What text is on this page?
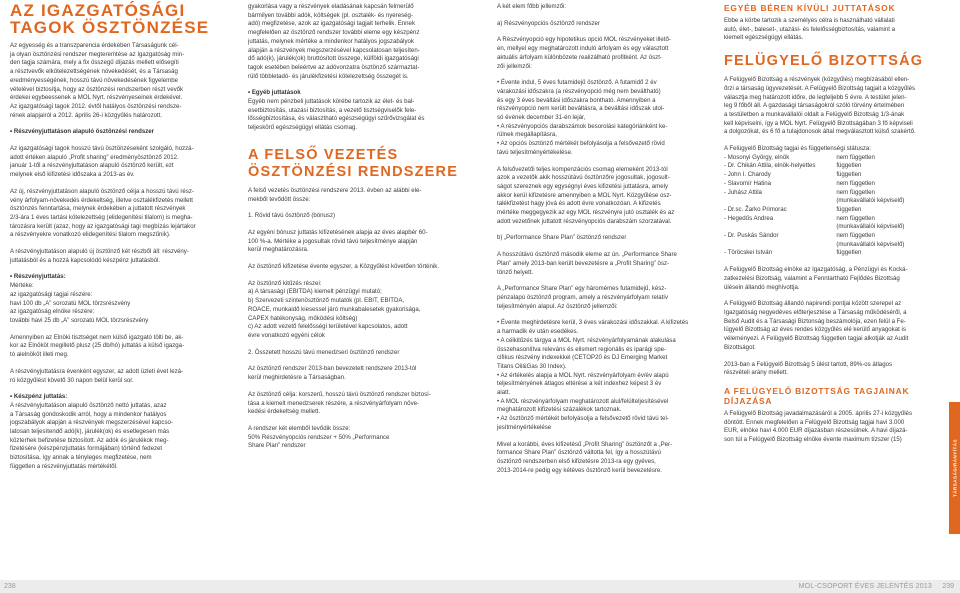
AZ IGAZGATÓSÁGI
TAGOK ÖSZTÖNZÉSE

Az egyesség és a transzparencia érdekében Társaságunk cél-
ja olyan ösztönzési rendszer megteremtése az Igazgatóság min-
den tagja számára, mely a fix összegű díjazás mellett elősegíti
a résztvevők elkötelezettségének növekedését, és a Társaság
eredményességének, hosszú távú növekedésének figyelembe
vételével biztosítja, hogy az ösztönzési rendszerben részt vevők
érdekei egybeessenek a MOL Nyrt. részvényeseinek érdekével.
Az igazgatósági tagok 2012. évtől hatályos ösztönzési rendsze-
rének alapjairól a 2012. április 26-i közgyűlés határozott.

• Részvényjuttatáson alapuló ösztönzési rendszer

Az igazgatósági tagok hosszú távú ösztönzéseként szolgáló, hozzá-
adott értéken alapuló „Profit sharing” eredményösztönző 2012.
január 1-től a részvényjuttatáson alapuló ösztönző került, ezt
melynek első kifizetési időszaka a 2013-as év.

Az új, részvényjuttatáson alapuló ösztönző célja a hosszú távú rész-
vény árfolyam-növekedés érdekeltség, illetve osztalékfizetés mellett
ösztönzés fenntartása, melynek érdekében a juttatott részvények
2/3-ára 1 éves tartási kötelezettség (elidegenítési tilalom) is megha-
tározásra került (azaz, hogy az igazgatósági tagi megbízás lejártakor
a részvényekre vonatkozó elidegenítési tilalom megszűnik).

A részvényjuttatáson alapuló új ösztönző két részből áll: részvény-
juttatásból és a hozzá kapcsolódó készpénz juttatásból.

• Részvényjuttatás:

Mértéke:
az igazgatósági tagjai részére:
havi 100 db „A” sorozatú MOL törzsrészvény
az igazgatóság elnöke részére:
további havi 25 db „A” sorozatú MOL törzsrészvény

Amennyiben az Elnöki tisztséget nem külső igazgató tölti be, ak-
kor az Elnököt megillető plusz (25 db/hó) juttatás a külső igazga-
tó alelnököt illeti meg.

A részvényjuttatásra évenként egyszer, az adott üzleti évet lezá-
ró közgyűlést követő 30 napon belül kerül sor.

• Készpénz juttatás:

A részvényjuttatáson alapuló ösztönző nettó juttatás, azaz
a Társaság gondoskodik arról, hogy a mindenkor hatályos
jogszabályok alapján a részvények megszerzésével kapcso-
latosan teljesítendő adó(k), járulék(ok) és esetlegesen más
közterhek befizetése biztosított. Az adók és járulékok meg-
fizetésére (készpénzjuttatás formájában) történő fedezet
biztosítása, így annak a tényleges megfizetése, nem
független a részvényjuttatás mértékétől.

gyakorlása vagy a részvények eladásának kapcsán felmerülő
bármilyen további adók, költségek (pl. osztalék- és nyereség-
adó) megfizetése, azok az igazgatósági tagjait terhelik. Ennek
megfelelően az ösztönző rendszer további eleme egy készpénz
juttatás, melynek mértéke a mindenkor hatályos jogszabályok
alapján a részvények megszerzésével kapcsolatosan teljesíten-
dő adó(k), járulék(ok) bruttósított összege, külföldi igazgatósági
tagok esetében beleértve az adóvonzatra ösztönző származtat-
rülő többletadó- és járulékfizetési kötelezettség összegét is.

• Egyéb juttatások

Egyéb nem pénzbeli juttatások körébe tartozik az élet- és bal-
esetbiztosítás, utazási biztosítás, a vezető tisztségviselők fele-
lősségbiztosítása, és választható egészségügyi szűrővizsgálat és
teljeskörű egészségügyi ellátás csomag.

A FELSŐ VEZETÉS
ÖSZTÖNZÉSI RENDSZERE

A felső vezetés ösztönzési rendszere 2013. évben az alábbi ele-
mekből tevődött össze:

1. Rövid távú ösztönző (bónusz)

Az egyéni bónusz juttatás kifizetésének alapja az éves alapbér 60-
100 %-a. Mértéke a jogosultak rövid távú teljesítménye alapján
kerül meghatározásra.

Az ösztönző kifizetése évente egyszer, a Közgyűlést követően történik.

Az ösztönző kitűzés részei:
a) A társasági (EBITDA) kiemelt pénzügyi mutató;
b) Szervezeti szintenösztönző mutatók (pl. EBIT, EBITDA,
ROACE, munkaidő kiesessel járó munkabalesetek gyakorisága,
CAPEX hatékonyság, működési költség)
c) Az adott vezető felelősségi területével kapcsolatos, adott
évre vonatkozó egyéni célok

2. Összetett hosszú távú menedzseri ösztönző rendszer

Az ösztönző rendszer 2013-ban bevezetett rendszere 2013-tól
kerül meghirdetésre a Társaságban.

Az ösztönző célja: korszerű, hosszú távú ösztönző rendszer biztosí-
tása a kiemelt menedzserek részére, a részvényárfolyam növe-
kedési érdekeltség mellett.

A rendszer két elemből tevődik össze:
50% Részvényopciós rendszer + 50% „Performance
Share Plan” rendszer

A két elem főbb jellemzői:

a) Részvényopciós ösztönző rendszer

A Részvényopció egy hipotetikus opció MOL részvényeket illető-
en, mellyel egy meghatározott induló árfolyam és egy választott
aktuális árfolyam különbözete realizálható profitként. Az öszt-
zői jellemzői:

• Évente indul, 5 éves futamidejű ösztönző. A futamidő 2 év
várakozási időszakra (a részvényopció még nem beváltható)
és egy 3 éves beváltási időszakra bontható. Amennyiben a
részvényopció nem került beváltásra, a beváltási időszak utol-
só évének december 31-én lejár,
• A részvényopciós darabszámok besorolási kategóriánként ke-
rülnek megállapításra,
• Az opciós ösztönző mértékét befolyásolja a felsővezető rövid
távú teljesítményértékelése.

A felsővezetői teljes kompenzációs csomag elemeként 2013-tól
azok a vezetők akik hosszútávú ösztönzőre jogosultak, jogosult-
ságot szereznek egy egységnyi éves kifizetési juttatásra, amely
akkor kerül kifizetésre amennyiben a MOL Nyrt. Közgyűlése osz-
talékfizetést hagy jóvá és adott évre vonatkozóan. A kifizetés
mértéke meggegyezik az egy MOL részvényre jutó osztalék és az
adott vezetőnek juttatott részvényopciós darabszám szorzatával.

b) „Performance Share Plan” ösztönző rendszer

A hosszútávú ösztönző második eleme az ún. „Performance Share
Plan” amely 2013-ban került bevezetésre a „Profit Sharing” ösz-
tönző helyett.

A „Performance Share Plan” egy háromémes futamidejű, kész-
pénzalapú ösztönző program, amely a részvényárfolyam relatív
teljesítményén alapul. Az ösztönző jellemzői:

• Évente meghirdetésre kerül, 3 éves várakozási időszakkal. A kifizetés
a harmadik év után esedékes.
• A célkitűzés tárgya a MOL Nyrt. részvényárfolyamának alakulása
összehasonlítva releváns és elismert regionális és iparági spe-
cifikus részvény indexekkel (CETOP20 és DJ Emerging Market
Titans Oil&Gas 30 Index).
• Az értékelés alapja a MOL Nyrt. részvényárfolyam év/év alapú
teljesítményének átlagos eltérése a két indexhez képest 3 év
alatt.
• A MOL részvényárfolyam meghatározott alul/felülteljesítésével
meghatározott kifizetési százalékok tartoznak.
• Az ösztönző mértékét befolyásolja a felsővezető rövid távú tel-
jesítményértékelése

Mivel a korábbi, éves kifizetésű „Profit Sharing” ösztönzőt a „Per-
formance Share Plan” ösztönző váltotta fel, így a hosszútávú
ösztönző rendszerben első kifizetésre 2013-ra egy gyéves,
2013-2014-re pedig egy kétéves ösztönző kerül bevezetésre.

EGYÉB BÉREN KÍVÜLI JUTTATÁSOK

Ebbe a körbe tartozik a személyes célra is használható vállalati
autó, élet-, baleset-, utazási- és felelősségbiztosítás, valamint a
kiemelt egészségügyi ellátás.

FELÜGYELŐ BIZOTTSÁG

A Felügyelő Bizottság a részvények (közgyűlés) megbízásából ellen-
őrzi a társaság ügyvezetését. A Felügyelő Bizottság tagjait a közgyűlés
választja meg határozott időre, de legfeljebb 5 évre. A testület jelen-
leg 9 főből áll. A gazdasági társaságokról szóló törvény értelmében
a testületben a munkavállalói oldalt a Felügyelő Bizottság 1/3-ának
kell képviselni, így a MOL Nyrt. Felügyelő Bizottságában 3 fő képviseli
a dolgozókat, és 6 fő a tulajdonosok által megválasztott külső szakértő.

A Felügyelő Bizottság tagjai és függetlenségi státusza:

- Mosonyi György, elnök	nem független
- Dr. Chikán Attila, elnök-helyettes	független
- John I. Charody	független
- Slavomír Hatina	nem független
- Juhász Attila	nem független
(munkavállalói képviselő)
- Dr.sc. Žarko Primorac	független
- Hegedűs Andrea	nem független
(munkavállalói képviselő)
- Dr. Puskás Sándor	nem független
(munkavállalói képviselő)
- Töröcskei István	független

A Felügyelő Bizottság elnöke az Igazgatóság, a Pénzügyi és Kocká-
zatkezelési Bizottság, valamint a Fenntartható Fejlődés Bizottság
ülésein állandó meghívottja.

A Felügyelő Bizottság állandó napirendi pontjai között szerepel az
Igazgatóság negyedéves előterjesztése a Társaság működéséről, a
Belső Audit és a Társasági Biztonság beszámolója, ezen felül a Fe-
lügyelő Bizottság az éves rendes közgyűlés elé kerülő anyagokat is
véleményezi. A Felügyelő Bizottság független tagjai alkotják az Audit
Bizottságot.

2013-ban a Felügyelő Bizottság 5 ülést tartott, 89%-os átlagos
részvételi arány mellett.

A FELÜGYELŐ BIZOTTSÁG TAGJAINAK DÍJAZÁSA

A Felügyelő Bizottság javadalmazásáról a 2005. április 27-i közgyűlés
döntött. Ennek megfelelően a Felügyelő Bizottság tagjai havi 3.000
EUR, elnöke havi 4.000 EUR díjazásban részesülnek. A havi díjazá-
son túl a Felügyelő Bizottság elnöke évente maximum tízszer (15)	TÁRSASÁGIRÁNYÍTÁS
238	MOL-CSOPORT ÉVES JELENTÉS 2013 239
